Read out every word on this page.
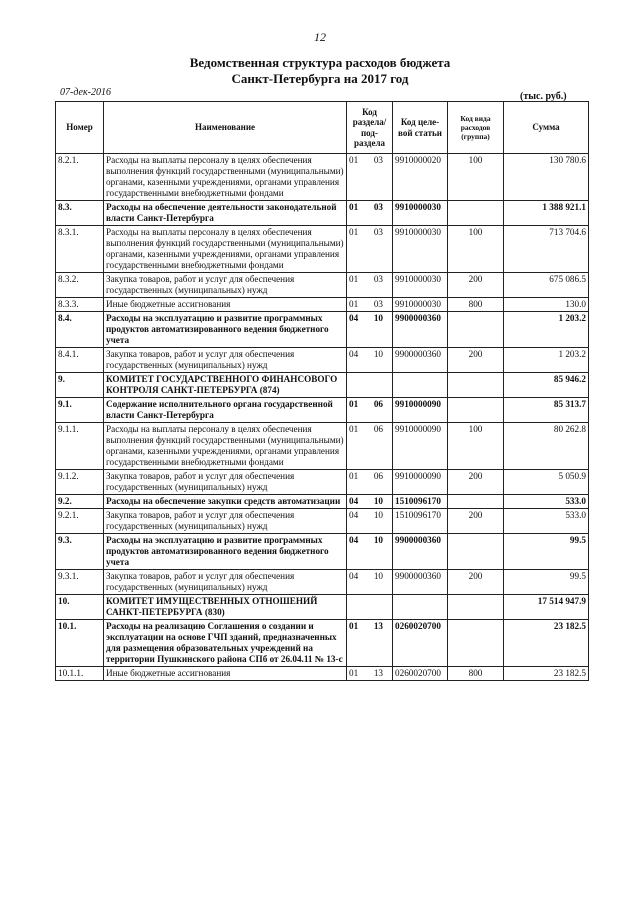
12
Ведомственная структура расходов бюджета
Санкт-Петербурга на 2017 год
07-дек-2016	(тыс. руб.)
Номер	Наименование	Код раздела/ под-раздела	Код целе-вой статьи	Код вида расходов (группа)	Сумма
8.2.1.	Расходы на выплаты персоналу в целях обеспечения выполнения функций государственными (муниципальными) органами, казенными учреждениями, органами управления государственными внебюджетными фондами	01 03	9910000020	100	130 780.6
8.3.	Расходы на обеспечение деятельности законодательной власти Санкт-Петербурга	01 03	9910000030		1 388 921.1
8.3.1.	Расходы на выплаты персоналу в целях обеспечения выполнения функций государственными (муниципальными) органами, казенными учреждениями, органами управления государственными внебюджетными фондами	01 03	9910000030	100	713 704.6
8.3.2.	Закупка товаров, работ и услуг для обеспечения государственных (муниципальных) нужд	01 03	9910000030	200	675 086.5
8.3.3.	Иные бюджетные ассигнования	01 03	9910000030	800	130.0
8.4.	Расходы на эксплуатацию и развитие программных продуктов автоматизированного ведения бюджетного учета	04 10	9900000360		1 203.2
8.4.1.	Закупка товаров, работ и услуг для обеспечения государственных (муниципальных) нужд	04 10	9900000360	200	1 203.2
9.	КОМИТЕТ ГОСУДАРСТВЕННОГО ФИНАНСОВОГО КОНТРОЛЯ САНКТ-ПЕТЕРБУРГА (874)				85 946.2
9.1.	Содержание исполнительного органа государственной власти Санкт-Петербурга	01 06	9910000090		85 313.7
9.1.1.	Расходы на выплаты персоналу в целях обеспечения выполнения функций государственными (муниципальными) органами, казенными учреждениями, органами управления государственными внебюджетными фондами	01 06	9910000090	100	80 262.8
9.1.2.	Закупка товаров, работ и услуг для обеспечения государственных (муниципальных) нужд	01 06	9910000090	200	5 050.9
9.2.	Расходы на обеспечение закупки средств автоматизации	04 10	1510096170		533.0
9.2.1.	Закупка товаров, работ и услуг для обеспечения государственных (муниципальных) нужд	04 10	1510096170	200	533.0
9.3.	Расходы на эксплуатацию и развитие программных продуктов автоматизированного ведения бюджетного учета	04 10	9900000360		99.5
9.3.1.	Закупка товаров, работ и услуг для обеспечения государственных (муниципальных) нужд	04 10	9900000360	200	99.5
10.	КОМИТЕТ ИМУЩЕСТВЕННЫХ ОТНОШЕНИЙ САНКТ-ПЕТЕРБУРГА (830)				17 514 947.9
10.1.	Расходы на реализацию Соглашения о создании и эксплуатации на основе ГЧП зданий, предназначенных для размещения образовательных учреждений на территории Пушкинского района СПб от 26.04.11 № 13-с	01 13	0260020700		23 182.5
10.1.1.	Иные бюджетные ассигнования	01 13	0260020700	800	23 182.5
